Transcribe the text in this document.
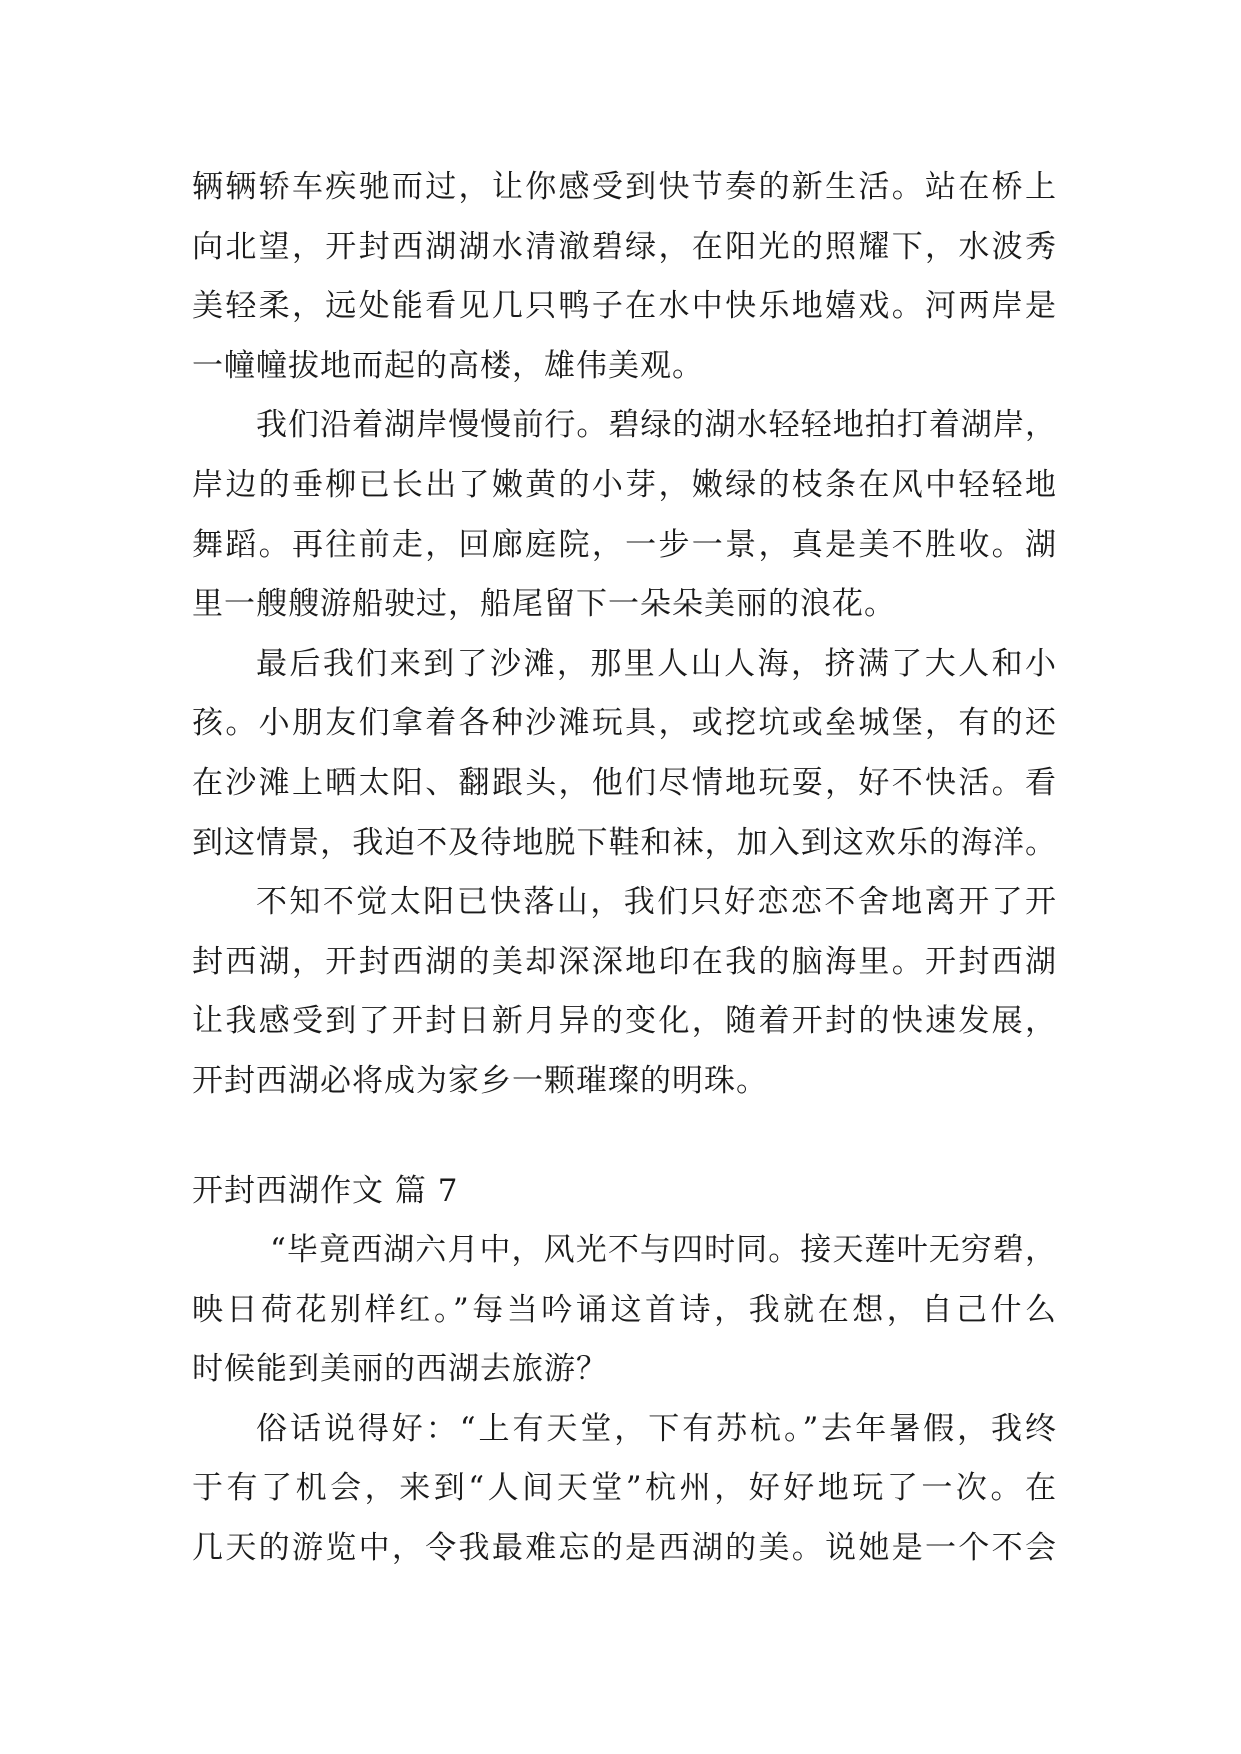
辆辆轿车疾驰而过，让你感受到快节奏的新生活。站在桥上
向北望，开封西湖湖水清澈碧绿，在阳光的照耀下，水波秀
美轻柔，远处能看见几只鸭子在水中快乐地嬉戏。河两岸是
一幢幢拔地而起的高楼，雄伟美观。
我们沿着湖岸慢慢前行。碧绿的湖水轻轻地拍打着湖岸，
岸边的垂柳已长出了嫩黄的小芽，嫩绿的枝条在风中轻轻地
舞蹈。再往前走，回廊庭院，一步一景，真是美不胜收。湖
里一艘艘游船驶过，船尾留下一朵朵美丽的浪花。
最后我们来到了沙滩，那里人山人海，挤满了大人和小
孩。小朋友们拿着各种沙滩玩具，或挖坑或垒城堡，有的还
在沙滩上晒太阳、翻跟头，他们尽情地玩耍，好不快活。看
到这情景，我迫不及待地脱下鞋和袜，加入到这欢乐的海洋。
不知不觉太阳已快落山，我们只好恋恋不舍地离开了开
封西湖，开封西湖的美却深深地印在我的脑海里。开封西湖
让我感受到了开封日新月异的变化，随着开封的快速发展，
开封西湖必将成为家乡一颗璀璨的明珠。
开封西湖作文 篇 7
“毕竟西湖六月中，风光不与四时同。接天莲叶无穷碧，
映日荷花别样红。”每当吟诵这首诗，我就在想，自己什么
时候能到美丽的西湖去旅游？
俗话说得好：“上有天堂，下有苏杭。”去年暑假，我终
于有了机会，来到“人间天堂”杭州，好好地玩了一次。在
几天的游览中，令我最难忘的是西湖的美。说她是一个不会
